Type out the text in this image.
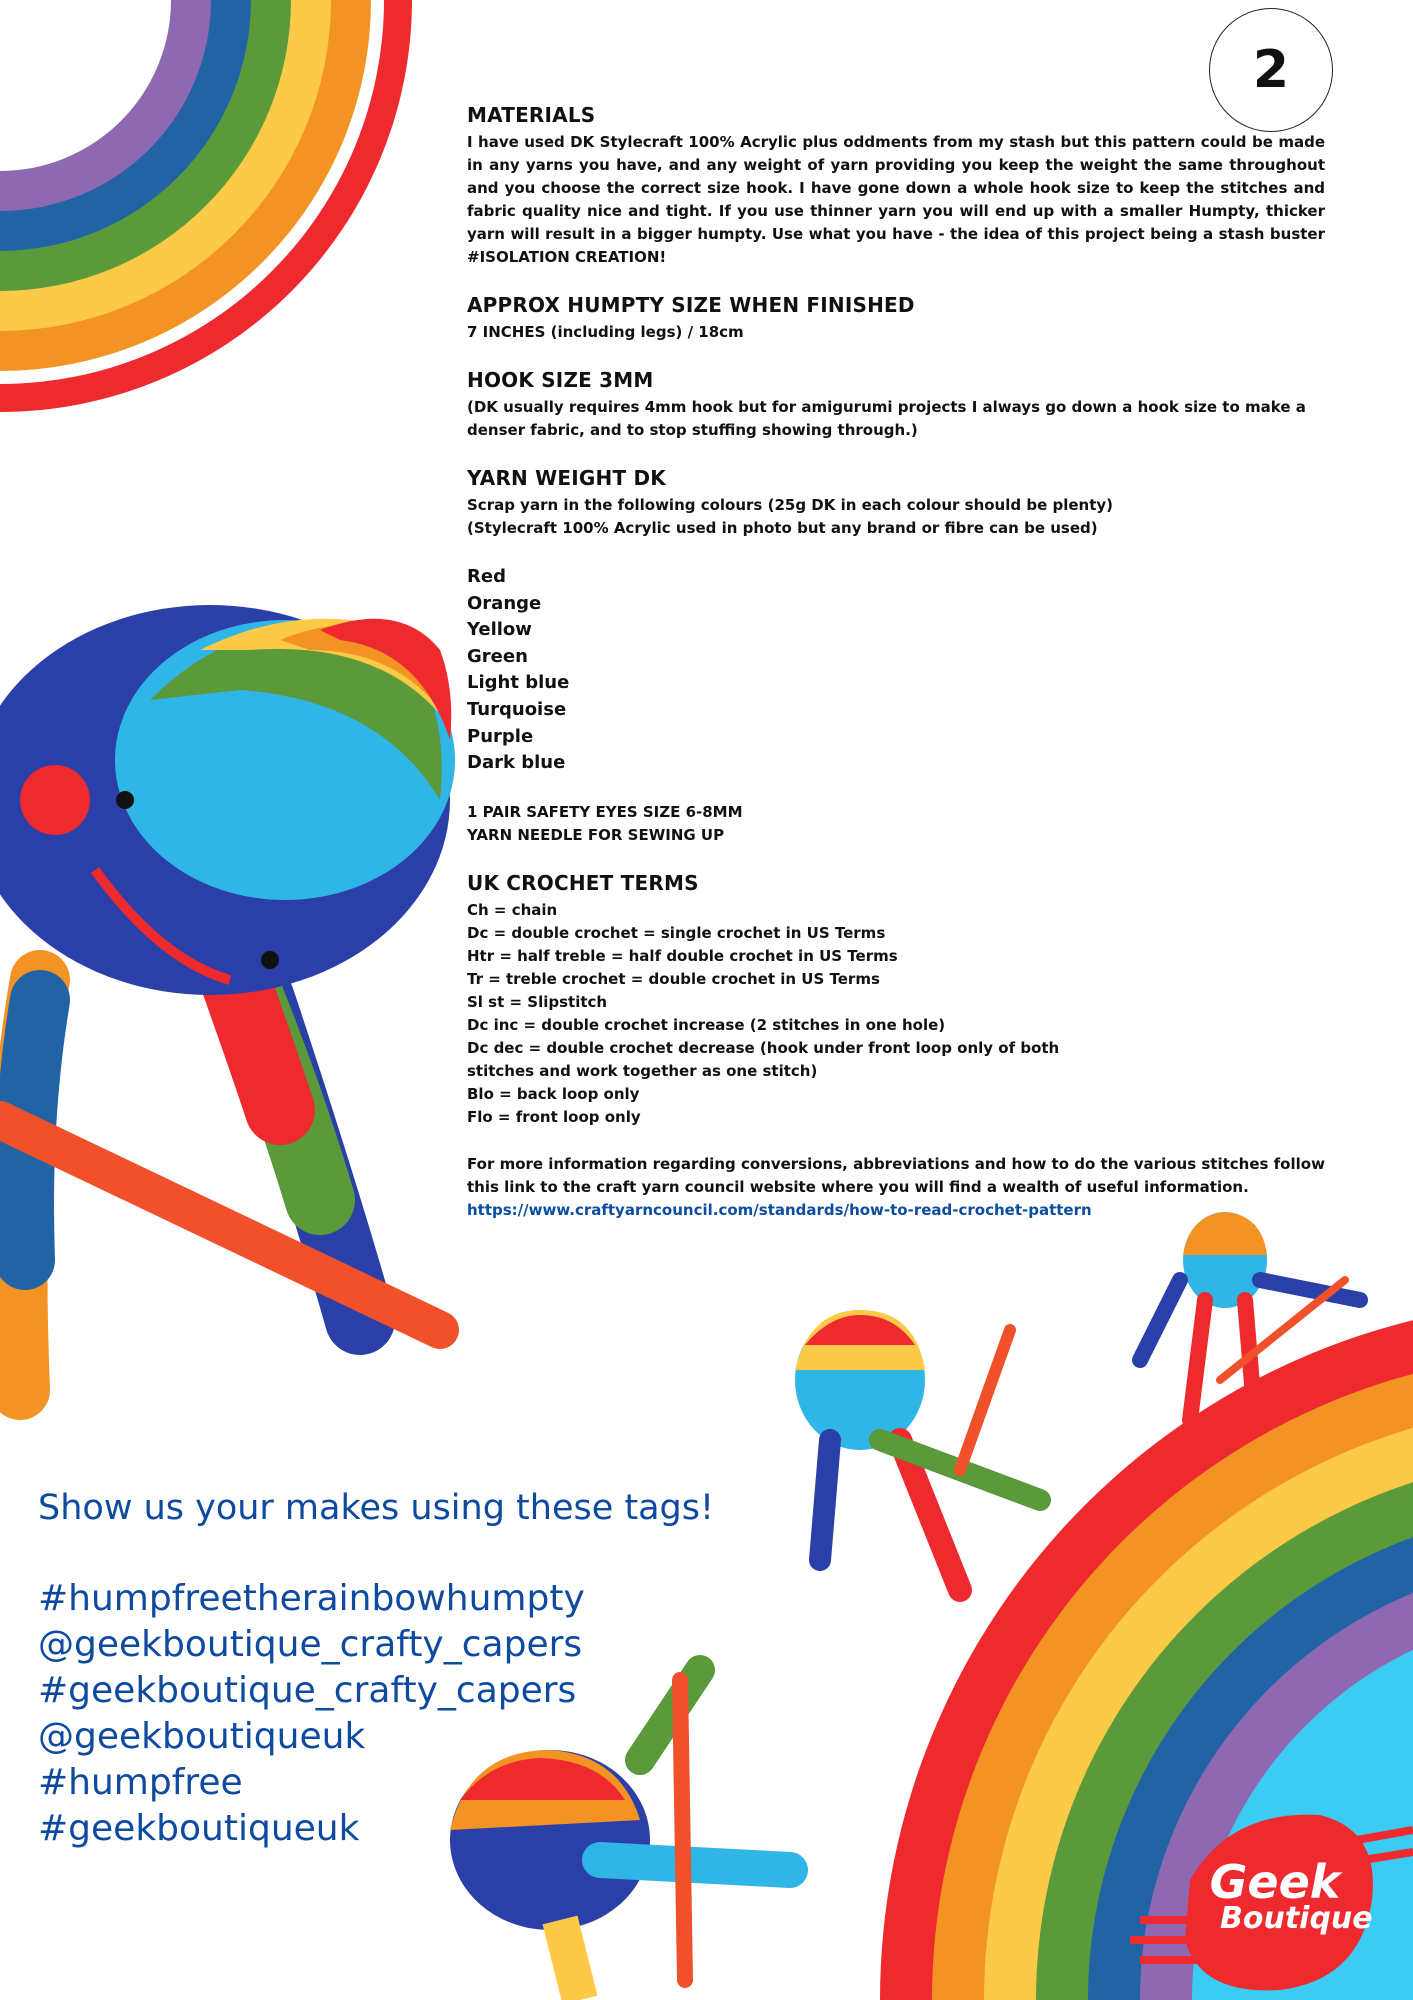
Geek
Boutique
2
MATERIALS

I have used DK Stylecraft 100% Acrylic plus oddments from my stash but this pattern could be made in any yarns you have, and any weight of yarn providing you keep the weight the same throughout and you choose the correct size hook. I have gone down a whole hook size to keep the stitches and fabric quality nice and tight. If you use thinner yarn you will end up with a smaller Humpty, thicker yarn will result in a bigger humpty. Use what you have - the idea of this project being a stash buster #ISOLATION CREATION!

APPROX HUMPTY SIZE WHEN FINISHED

7 INCHES (including legs) / 18cm

HOOK SIZE 3MM

(DK usually requires 4mm hook but for amigurumi projects I always go down a hook size to make a denser fabric, and to stop stuffing showing through.)

YARN WEIGHT DK

Scrap yarn in the following colours (25g DK in each colour should be plenty)

(Stylecraft 100% Acrylic used in photo but any brand or fibre can be used)

Red
Orange
Yellow
Green
Light blue
Turquoise
Purple
Dark blue

1 PAIR SAFETY EYES SIZE 6-8MM

YARN NEEDLE FOR SEWING UP

UK CROCHET TERMS
Ch = chain
Dc = double crochet = single crochet in US Terms
Htr = half treble = half double crochet in US Terms
Tr = treble crochet = double crochet in US Terms
Sl st = Slipstitch
Dc inc = double crochet increase (2 stitches in one hole)
Dc dec = double crochet decrease (hook under front loop only of both
stitches and work together as one stitch)
Blo = back loop only
Flo = front loop only

For more information regarding conversions, abbreviations and how to do the various stitches follow this link to the craft yarn council website where you will find a wealth of useful information.

https://www.craftyarncouncil.com/standards/how-to-read-crochet-pattern
Show us your makes using these tags!
#humpfreetherainbowhumpty
@geekboutique_crafty_capers
#geekboutique_crafty_capers
@geekboutiqueuk
#humpfree
#geekboutiqueuk
